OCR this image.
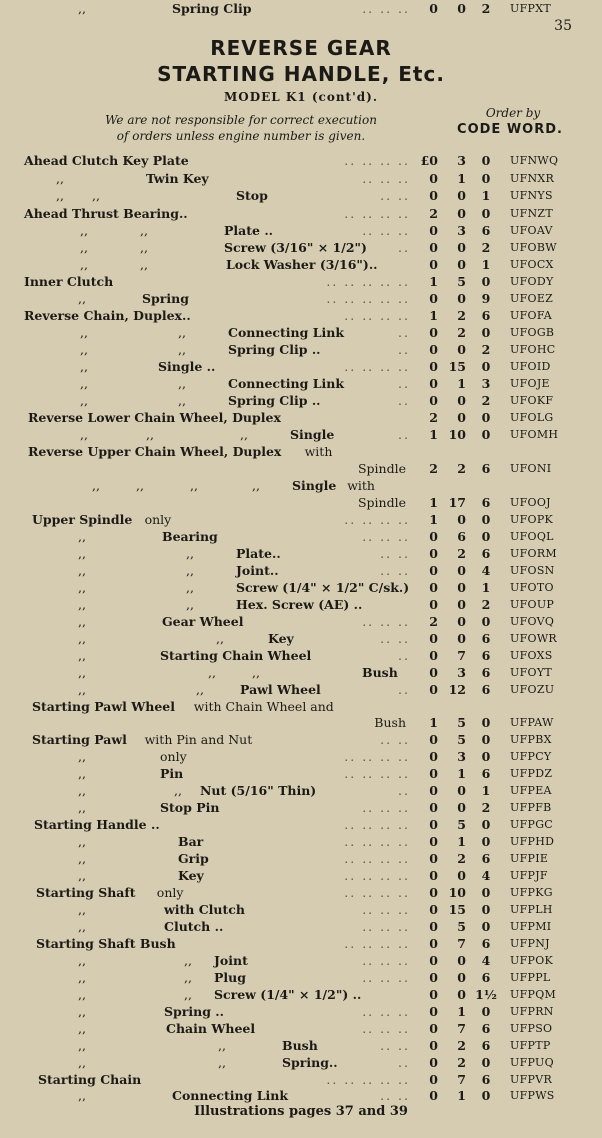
35
REVERSE GEAR
STARTING HANDLE, Etc.
MODEL K1 (cont'd).
We are not responsible for correct execution
of orders unless engine number is given.
Order by
CODE WORD.
Ahead Clutch Key Plate	.. .. .. .. £0	3	0	UFNWQ
,,	Twin Key	.. .. ..	0	1	0	UFNXR
,, ,,	Stop	.. ..	0	0	1	UFNYS
Ahead Thrust Bearing..	.. .. .. ..	2	0	0	UFNZT
,,	,,	Plate ..	.. .. ..	0	3	6	UFOAV
,,	,,	Screw (3/16" × 1/2")	..	0	0	2	UFOBW
,,	,,	Lock Washer (3/16")..	0	0	1	UFOCX
Inner Clutch	.. .. .. .. ..	1	5	0	UFODY
,,	Spring	.. .. .. .. ..	0	0	9	UFOEZ
Reverse Chain, Duplex..	.. .. .. ..	1	2	6	UFOFA
,,	,,	Connecting Link	..	0	2	0	UFOGB
,,	,,	Spring Clip ..	..	0	0	2	UFOHC
,,	Single ..	.. .. .. ..	0 15	0	UFOID
,,	,,	Connecting Link	..	0	1	3	UFOJE
,,	,,	Spring Clip ..	..	0	0	2	UFOKF
Reverse Lower Chain Wheel, Duplex	2	0	0	UFOLG
,,	,,	,,	Single	..	1 10	0	UFOMH
Reverse Upper Chain Wheel, Duplex with
Spindle	2	2	6	UFONI
,,	,,	,,	,,	Single with
Spindle	1 17	6	UFOOJ
Upper Spindle only	.. .. .. ..	1	0	0	UFOPK
,,	Bearing	.. .. ..	0	6	0	UFOQL
,,	,,	Plate..	.. ..	0	2	6	UFORM
,,	,,	Joint..	.. ..	0	0	4	UFOSN
,,	,,	Screw (1/4" × 1/2" C/sk.)	0	0	1	UFOTO
,,	,,	Hex. Screw (AE) ..	0	0	2	UFOUP
,,	Gear Wheel	.. .. ..	2	0	0	UFOVQ
,,	,,	Key	.. ..	0	0	6	UFOWR
,,	Starting Chain Wheel	..	0	7	6	UFOXS
,,	,,	,,	Bush	0	3	6	UFOYT
,,	,,	Pawl Wheel	..	0 12	6	UFOZU
Starting Pawl Wheel with Chain Wheel and
Bush	1	5	0	UFPAW
Starting Pawl with Pin and Nut	.. ..	0	5	0	UFPBX
,,	only	.. .. .. ..	0	3	0	UFPCY
,,	Pin	.. .. .. ..	0	1	6	UFPDZ
,,	,, Nut (5/16" Thin)	..	0	0	1	UFPEA
,,	Stop Pin	.. .. ..	0	0	2	UFPFB
Starting Handle ..	.. .. .. ..	0	5	0	UFPGC
,,	Bar	.. .. .. ..	0	1	0	UFPHD
,,	Grip	.. .. .. ..	0	2	6	UFPIE
,,	Key	.. .. .. ..	0	0	4	UFPJF
Starting Shaft only	.. .. .. ..	0 10	0	UFPKG
,,	with Clutch	.. .. ..	0 15	0	UFPLH
,,	Clutch ..	.. .. ..	0	5	0	UFPMI
Starting Shaft Bush	.. .. .. ..	0	7	6	UFPNJ
,,	,, Joint	.. .. ..	0	0	4	UFPOK
,,	,, Plug	.. .. ..	0	0	6	UFPPL
,,	,, Screw (1/4" × 1/2") ..	0	0 1½ UFPQM
,,	Spring ..	.. .. ..	0	1	0	UFPRN
,,	Chain Wheel	.. .. ..	0	7	6	UFPSO
,,	,,	Bush	.. ..	0	2	6	UFPTP
,,	,,	Spring..	..	0	2	0	UFPUQ
Starting Chain	.. .. .. .. ..	0	7	6	UFPVR
,,	Connecting Link	.. ..	0	1	0	UFPWS
,,	Spring Clip	.. .. ..	0	0	2	UFPXT
Illustrations pages 37 and 39
